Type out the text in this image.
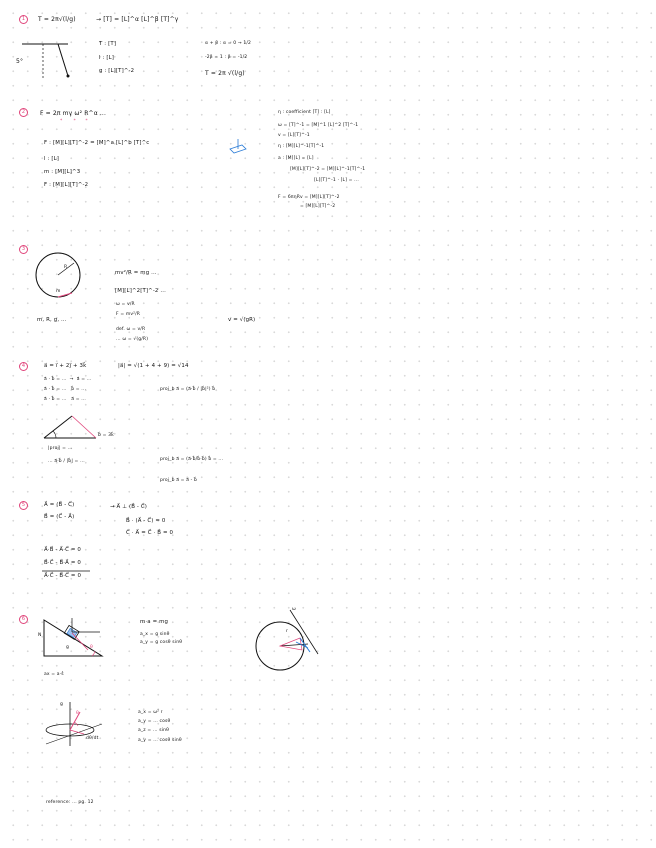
1	T = 2π√(l/g)	→ [T] = [L]^α [L]^β [T]^γ
T : [T]
l : [L]
g : [L][T]^-2
α + β : α = 0 → 1/2
-2β = 1 : β = -1/2
T = 2π √(l/g)
5°
2	F = 2π mγ ω² R^α ...
*       *      *
F : [M][L][T]^-2 = [M]^a [L]^b [T]^c
l : [L]
m : [M][L]^3
F : [M][L][T]^-2
η : coefficient [T] : [L]
ω = [T]^-1 = [M]^1 [L]^2 [T]^-1
v = [L][T]^-1
η : [M][L]^-1[T]^-1
a : [M][L] = [L]
[M][L][T]^-2 = [M][L]^-1[T]^-1
[L][T]^-1 · [L] = ...
F = 6πηRv = [M][L][T]^-2
= [M][L][T]^-2
3
R
m
mv²/R = mg ...
[M][L]^2[T]^-2 ...
m, R, g, ...
ω = v/R
F = mv²/R
def. ω = v/R
... ω = √(g/R)
v = √(gR)
4	a⃗ = i⃗ + 2j⃗ + 3k⃗	|a⃗| = √(1 + 4 + 9) = √14
a⃗ · b⃗ = ...  →  a⃗ = ...
a⃗ · b⃗ = ...   b⃗ = ...
a⃗ · b⃗ = ...   a⃗ = ...
proj_b a⃗ = (a⃗·b⃗ / |b⃗|²) b⃗
b⃗ = 3k⃗
|proj| = ...
... a⃗·b⃗ / |b⃗| = ...	proj_b a⃗ = (a⃗·b⃗/b⃗·b⃗) b⃗ = ...
proj_b a⃗ = a⃗ - b⃗
5	A⃗ = (B⃗ - C⃗)
B⃗ = (C⃗ - A⃗)
→ A⃗ ⊥ (B⃗ - C⃗)
B⃗ · (A⃗ - C⃗) = 0
C⃗ · A⃗ = C⃗ · B⃗ = 0
A⃗·B⃗ - A⃗·C⃗ = 0
B⃗·C⃗ - B⃗·A⃗ = 0
A⃗·C⃗ - B⃗·C⃗ = 0
6
N
θ
g
m·a = mg
a_x = g sinθ
a_y = g cosθ sinθ
ax = a·ŝ
r
ω
dθ/dt
θ
g
a_x = ω² r
a_y = ... cosθ
a_z = ... sinθ
a_y = ... cosθ sinθ
reference: ... pg. 12
